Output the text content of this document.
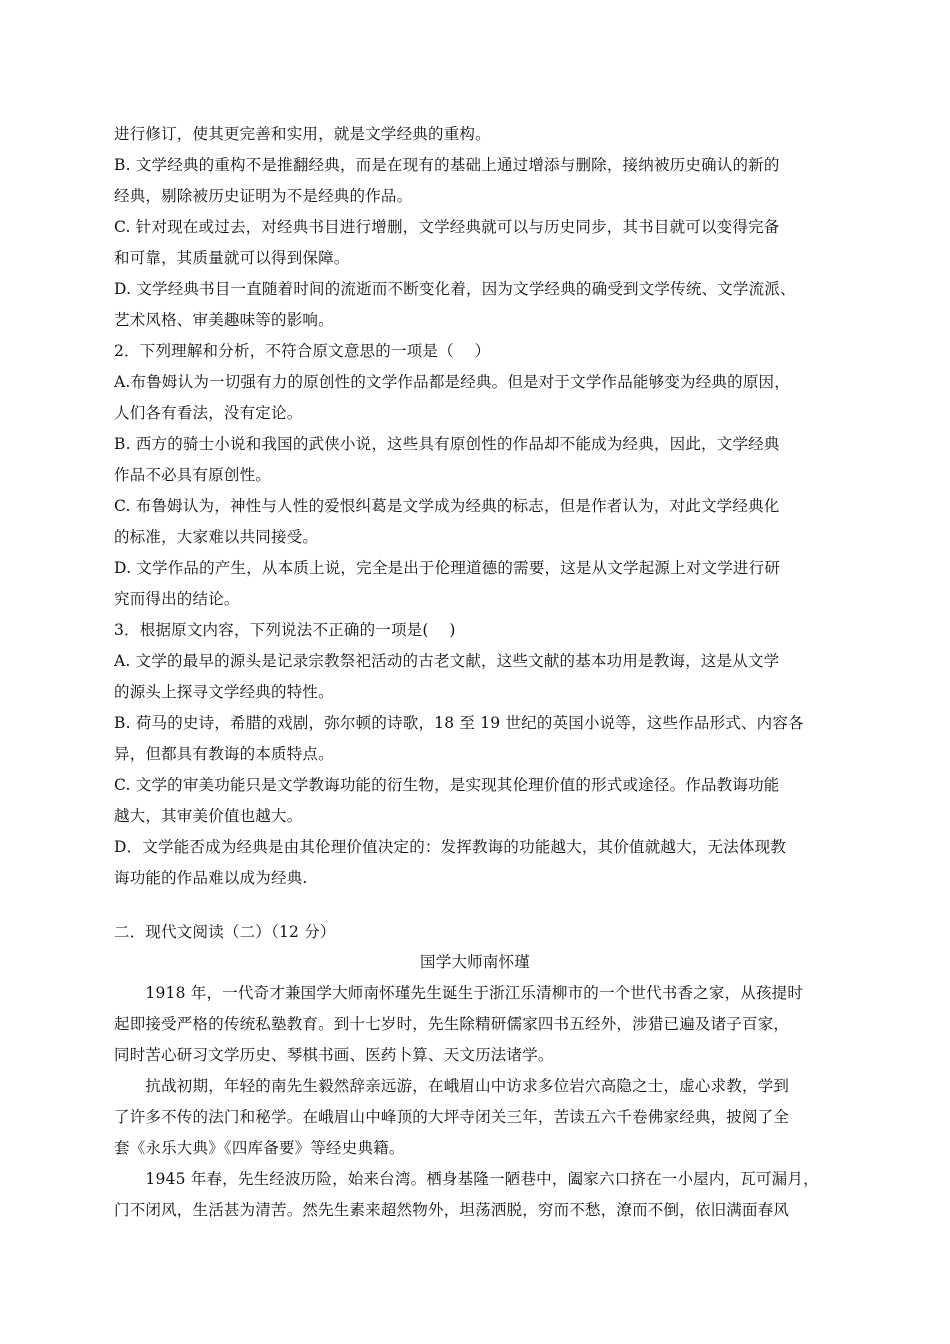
进行修订，使其更完善和实用，就是文学经典的重构。
B. 文学经典的重构不是推翻经典，而是在现有的基础上通过增添与删除，接纳被历史确认的新的
经典，剔除被历史证明为不是经典的作品。
C. 针对现在或过去，对经典书目进行增删，文学经典就可以与历史同步，其书目就可以变得完备
和可靠，其质量就可以得到保障。
D. 文学经典书目一直随着时间的流逝而不断变化着，因为文学经典的确受到文学传统、文学流派、
艺术风格、审美趣味等的影响。
2．下列理解和分析，不符合原文意思的一项是（　 ）
A.布鲁姆认为一切强有力的原创性的文学作品都是经典。但是对于文学作品能够变为经典的原因，
人们各有看法，没有定论。
B. 西方的骑士小说和我国的武侠小说，这些具有原创性的作品却不能成为经典，因此，文学经典
作品不必具有原创性。
C. 布鲁姆认为，神性与人性的爱恨纠葛是文学成为经典的标志，但是作者认为，对此文学经典化
的标准，大家难以共同接受。
D. 文学作品的产生，从本质上说，完全是出于伦理道德的需要，这是从文学起源上对文学进行研
究而得出的结论。
3．根据原文内容，下列说法不正确的一项是(　 )
A. 文学的最早的源头是记录宗教祭祀活动的古老文献，这些文献的基本功用是教诲，这是从文学
的源头上探寻文学经典的特性。
B. 荷马的史诗，希腊的戏剧，弥尔顿的诗歌，18 至 19 世纪的英国小说等，这些作品形式、内容各
异，但都具有教诲的本质特点。
C. 文学的审美功能只是文学教诲功能的衍生物，是实现其伦理价值的形式或途径。作品教诲功能
越大，其审美价值也越大。
D．文学能否成为经典是由其伦理价值决定的：发挥教诲的功能越大，其价值就越大，无法体现教
诲功能的作品难以成为经典.
二．现代文阅读（二）（12 分）
国学大师南怀瑾
　　1918 年，一代奇才兼国学大师南怀瑾先生诞生于浙江乐清柳市的一个世代书香之家，从孩提时
起即接受严格的传统私塾教育。到十七岁时，先生除精研儒家四书五经外，涉猎已遍及诸子百家，
同时苦心研习文学历史、琴棋书画、医药卜算、天文历法诸学。
　　抗战初期，年轻的南先生毅然辞亲远游，在峨眉山中访求多位岩穴高隐之士，虚心求教，学到
了许多不传的法门和秘学。在峨眉山中峰顶的大坪寺闭关三年，苦读五六千卷佛家经典，披阅了全
套《永乐大典》《四库备要》等经史典籍。
　　1945 年春，先生经波历险，始来台湾。栖身基隆一陋巷中，阖家六口挤在一小屋内，瓦可漏月，
门不闭风，生活甚为清苦。然先生素来超然物外，坦荡洒脱，穷而不愁，潦而不倒，依旧满面春风
